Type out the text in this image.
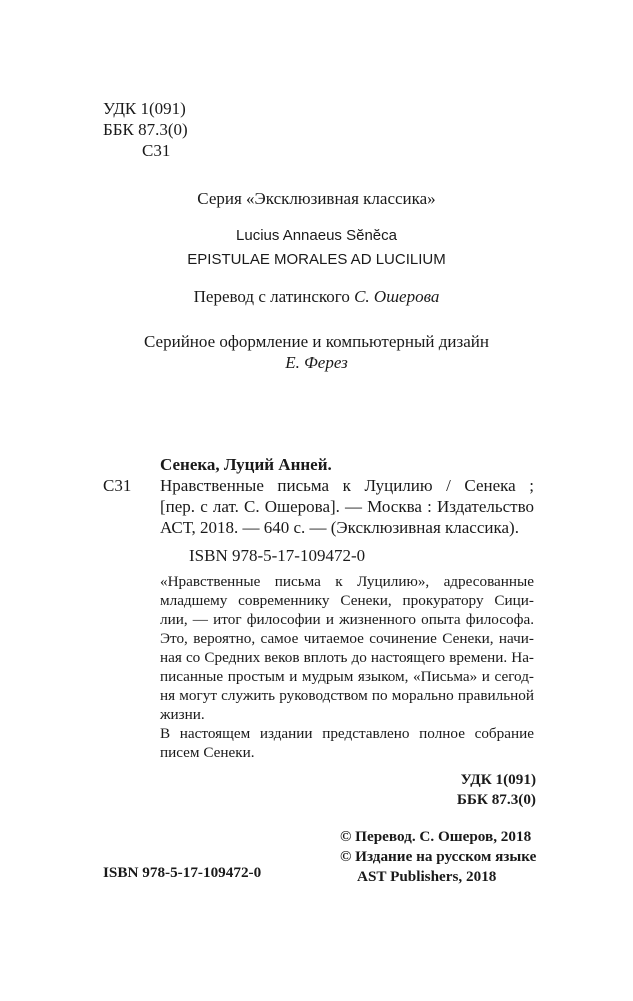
УДК 1(091)
ББК 87.3(0)
С31
Серия «Эксклюзивная классика»
Lucius Annaeus Sĕnĕca
EPISTULAE MORALES AD LUCILIUM
Перевод с латинского С. Ошерова
Серийное оформление и компьютерный дизайн
Е. Ферез
Сенека, Луций Анней.
С31 Нравственные письма к Луцилию / Сенека ;
[пер. с лат. С. Ошерова]. — Москва : Издательство
АСТ, 2018. — 640 с. — (Эксклюзивная классика).
ISBN 978-5-17-109472-0
«Нравственные письма к Луцилию», адресованные
младшему современнику Сенеки, прокуратору Сици-
лии, — итог философии и жизненного опыта философа.
Это, вероятно, самое читаемое сочинение Сенеки, начи-
ная со Средних веков вплоть до настоящего времени. На-
писанные простым и мудрым языком, «Письма» и сегод-
ня могут служить руководством по морально правильной
жизни.
В настоящем издании представлено полное собрание
писем Сенеки.
УДК 1(091)
ББК 87.3(0)
ISBN 978-5-17-109472-0
© Перевод. С. Ошеров, 2018
© Издание на русском языке
AST Publishers, 2018
